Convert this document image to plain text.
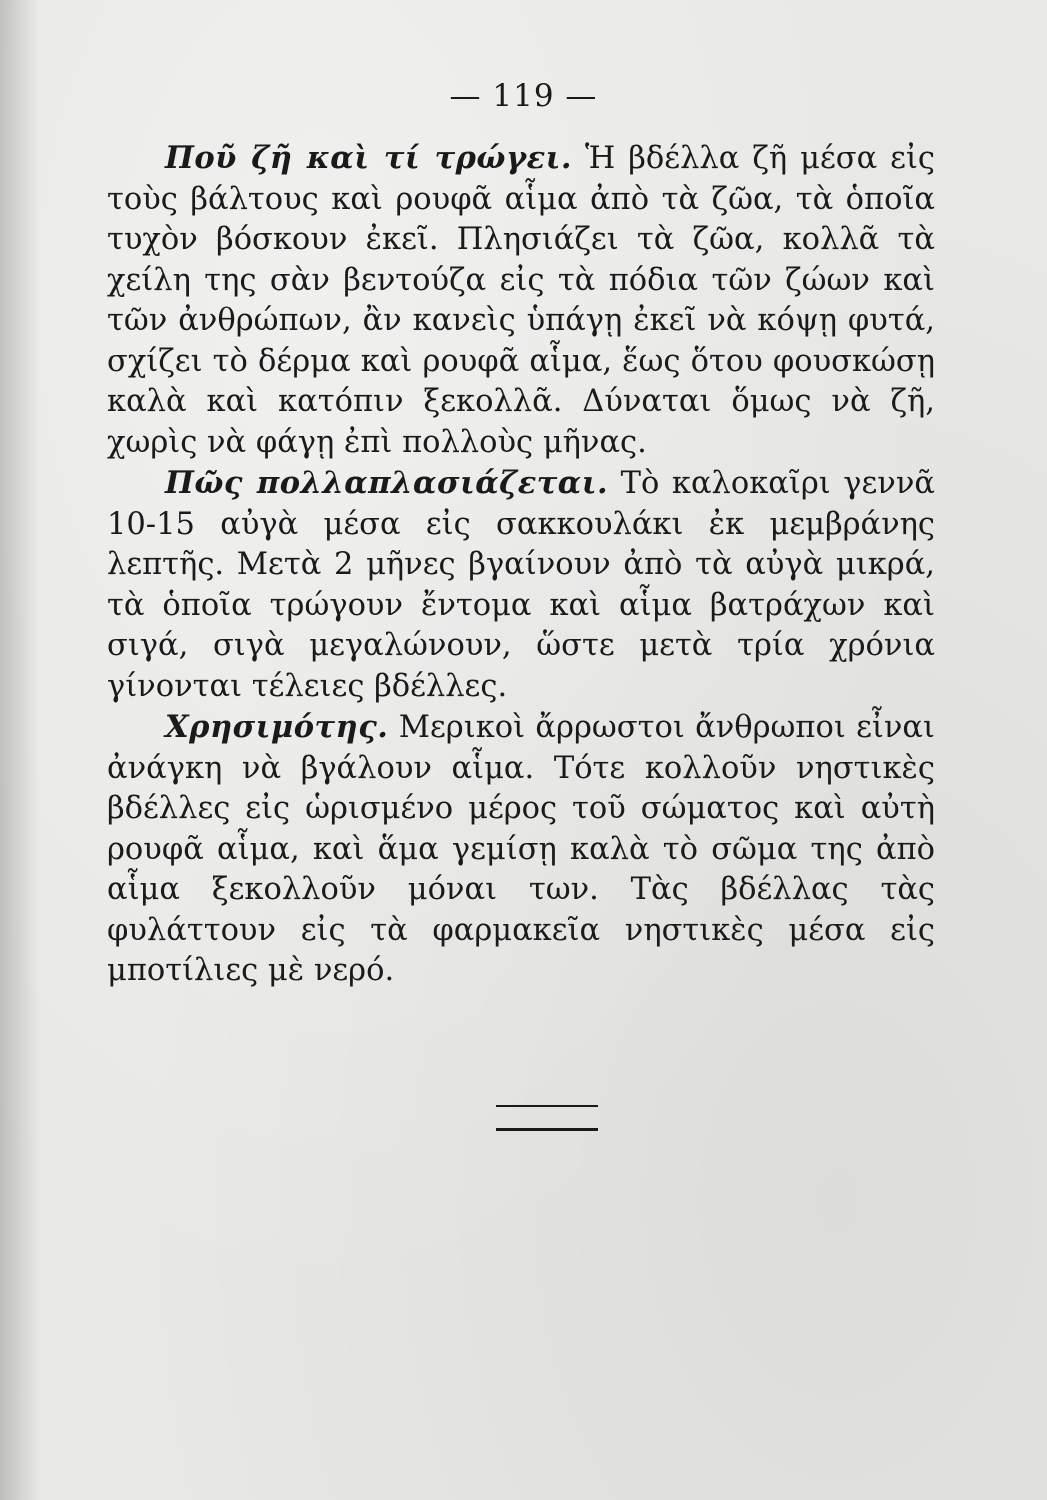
— 119 —

Ποῦ ζῆ καὶ τί τρώγει. Ἡ βδέλλα ζῆ μέσα εἰς τοὺς βάλτους καὶ ρουφᾶ αἷμα ἀπὸ τὰ ζῶα, τὰ ὁποῖα τυχὸν βόσκουν ἐκεῖ. Πλησιάζει τὰ ζῶα, κολλᾶ τὰ χείλη της σὰν βεντούζα εἰς τὰ πόδια τῶν ζώων καὶ τῶν ἀνθρώπων, ἂν κανεὶς ὑπάγῃ ἐκεῖ νὰ κόψῃ φυτά, σχίζει τὸ δέρμα καὶ ρουφᾶ αἷμα, ἕως ὅτου φουσκώσῃ καλὰ καὶ κατόπιν ξεκολλᾶ. Δύναται ὅμως νὰ ζῆ, χωρὶς νὰ φάγῃ ἐπὶ πολλοὺς μῆνας.

Πῶς πολλαπλασιάζεται. Τὸ καλοκαῖρι γεννᾶ 10-15 αὐγὰ μέσα εἰς σακκουλάκι ἐκ μεμβράνης λεπτῆς. Μετὰ 2 μῆνες βγαίνουν ἀπὸ τὰ αὐγὰ μικρά, τὰ ὁποῖα τρώγουν ἔντομα καὶ αἷμα βατράχων καὶ σιγά, σιγὰ μεγαλώνουν, ὥστε μετὰ τρία χρόνια γίνονται τέλειες βδέλλες.

Χρησιμότης. Μερικοὶ ἄρρωστοι ἄνθρωποι εἶναι ἀνάγκη νὰ βγάλουν αἷμα. Τότε κολλοῦν νηστικὲς βδέλλες εἰς ὡρισμένο μέρος τοῦ σώματος καὶ αὐτὴ ρουφᾶ αἷμα, καὶ ἅμα γεμίσῃ καλὰ τὸ σῶμα της ἀπὸ αἷμα ξεκολλοῦν μόναι των. Τὰς βδέλλας τὰς φυλάττουν εἰς τὰ φαρμακεῖα νηστικὲς μέσα εἰς μποτίλιες μὲ νερό.
